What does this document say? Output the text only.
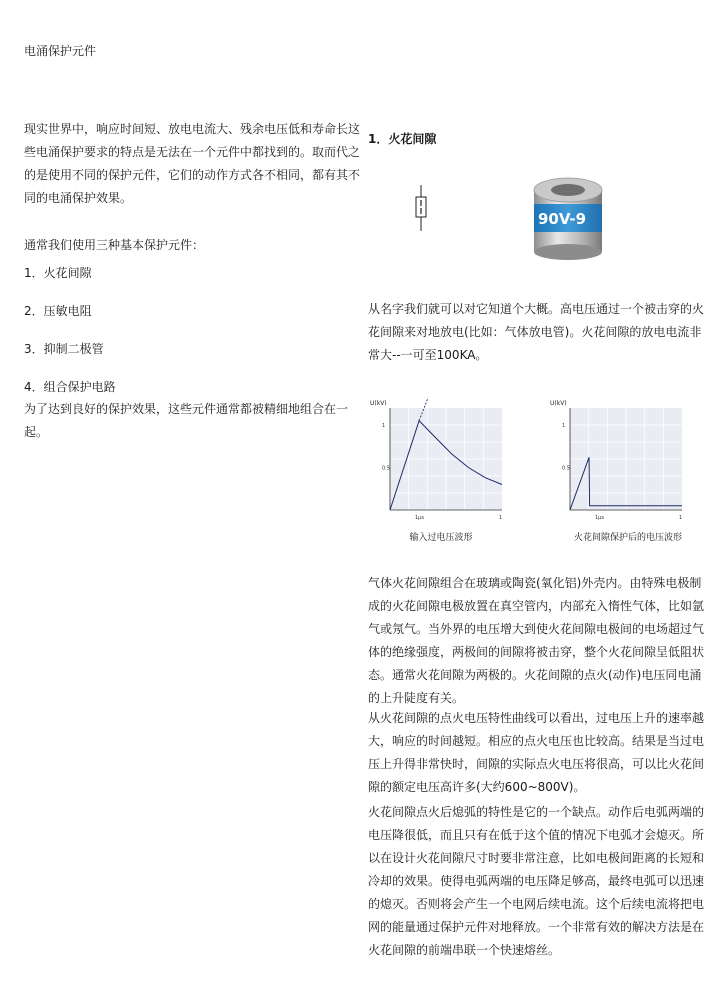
电涌保护元件

现实世界中，响应时间短、放电电流大、残余电压低和寿命长这些电涌保护要求的特点是无法在一个元件中都找到的。取而代之的是使用不同的保护元件，它们的动作方式各不相同，都有其不同的电涌保护效果。

通常我们使用三种基本保护元件：

1．火花间隙

2．压敏电阻

3．抑制二极管

4．组合保护电路

为了达到良好的保护效果，这些元件通常都被精细地组合在一起。

1．火花间隙
90V-9

从名字我们就可以对它知道个大概。高电压通过一个被击穿的火花间隙来对地放电(比如：气体放电管)。火花间隙的放电电流非常大--一可至100KA。

U(kV)
1
0.5
1μs	1
输入过电压波形
U(kV)
1
0.5
1μs	1
火花间隙保护后的电压波形

气体火花间隙组合在玻璃或陶瓷(氧化铝)外壳内。由特殊电极制成的火花间隙电极放置在真空管内，内部充入惰性气体，比如氩气或氖气。当外界的电压增大到使火花间隙电极间的电场超过气体的绝缘强度，两极间的间隙将被击穿，整个火花间隙呈低阻状态。通常火花间隙为两极的。火花间隙的点火(动作)电压同电涌的上升陡度有关。

从火花间隙的点火电压特性曲线可以看出，过电压上升的速率越大，响应的时间越短。相应的点火电压也比较高。结果是当过电压上升得非常快时，间隙的实际点火电压将很高，可以比火花间隙的额定电压高许多(大约600~800V)。

火花间隙点火后熄弧的特性是它的一个缺点。动作后电弧两端的电压降很低，而且只有在低于这个值的情况下电弧才会熄灭。所以在设计火花间隙尺寸时要非常注意，比如电极间距离的长短和冷却的效果。使得电弧两端的电压降足够高，最终电弧可以迅速的熄灭。否则将会产生一个电网后续电流。这个后续电流将把电网的能量通过保护元件对地释放。一个非常有效的解决方法是在火花间隙的前端串联一个快速熔丝。
